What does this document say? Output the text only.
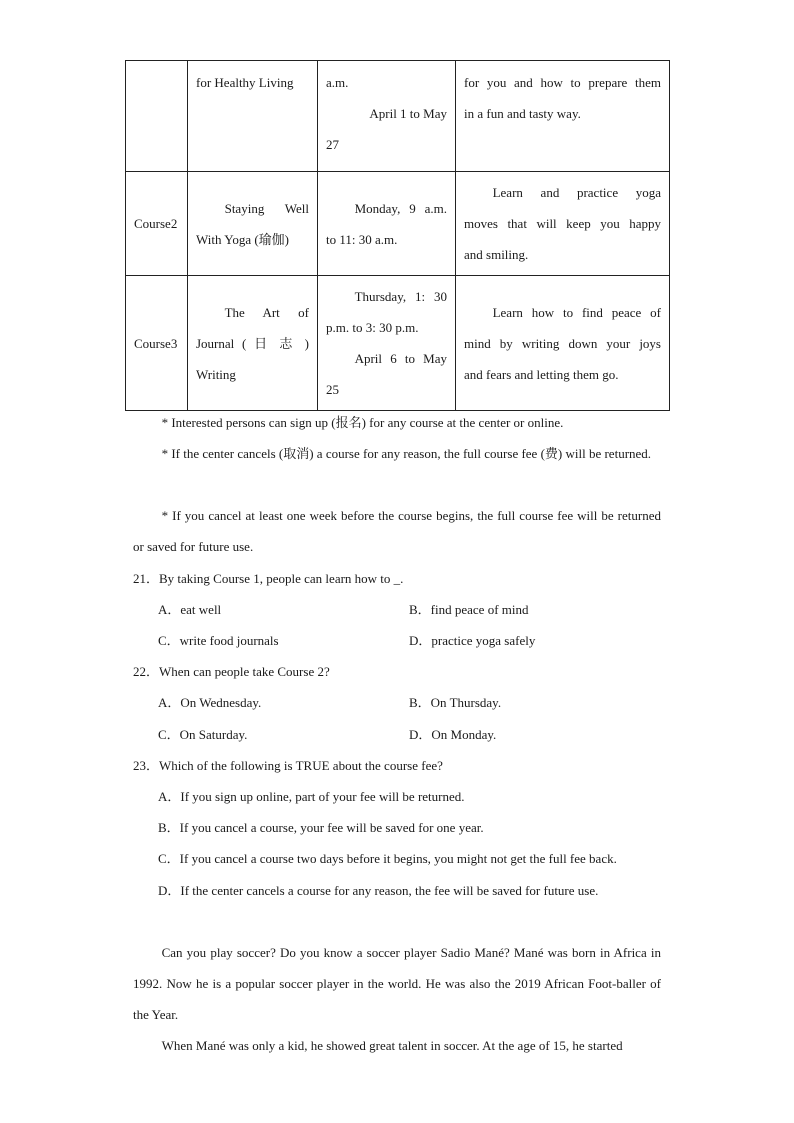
	for Healthy Living	a.m.
April 1 to May
27	for you and how to prepare them
in a fun and tasty way.

Course2	Staying Well
With Yoga (瑜伽)	Monday, 9 a.m.
to 11: 30 a.m.	Learn and practice yoga
moves that will keep you happy
and smiling.

Course3	The Art of
Journal ( 日 志 )
Writing	Thursday, 1: 30
p.m. to 3: 30 p.m.
April 6 to May
25	Learn how to find peace of
mind by writing down your joys
and fears and letting them go.
* Interested persons can sign up (报名) for any course at the center or online.
* If the center cancels (取消) a course for any reason, the full course fee (费) will be returned.
* If you cancel at least one week before the course begins, the full course fee will be returned or saved for future use.
21．By taking Course 1, people can learn how to _.
A．eat well	B．find peace of mind
C．write food journals	D．practice yoga safely
22．When can people take Course 2?
A．On Wednesday.	B．On Thursday.
C．On Saturday.	D．On Monday.
23．Which of the following is TRUE about the course fee?
A．If you sign up online, part of your fee will be returned.
B．If you cancel a course, your fee will be saved for one year.
C．If you cancel a course two days before it begins, you might not get the full fee back.
D．If the center cancels a course for any reason, the fee will be saved for future use.
Can you play soccer? Do you know a soccer player Sadio Mané? Mané was born in Africa in 1992. Now he is a popular soccer player in the world. He was also the 2019 African Foot-baller of the Year.
When Mané was only a kid, he showed great talent in soccer. At the age of 15, he started
